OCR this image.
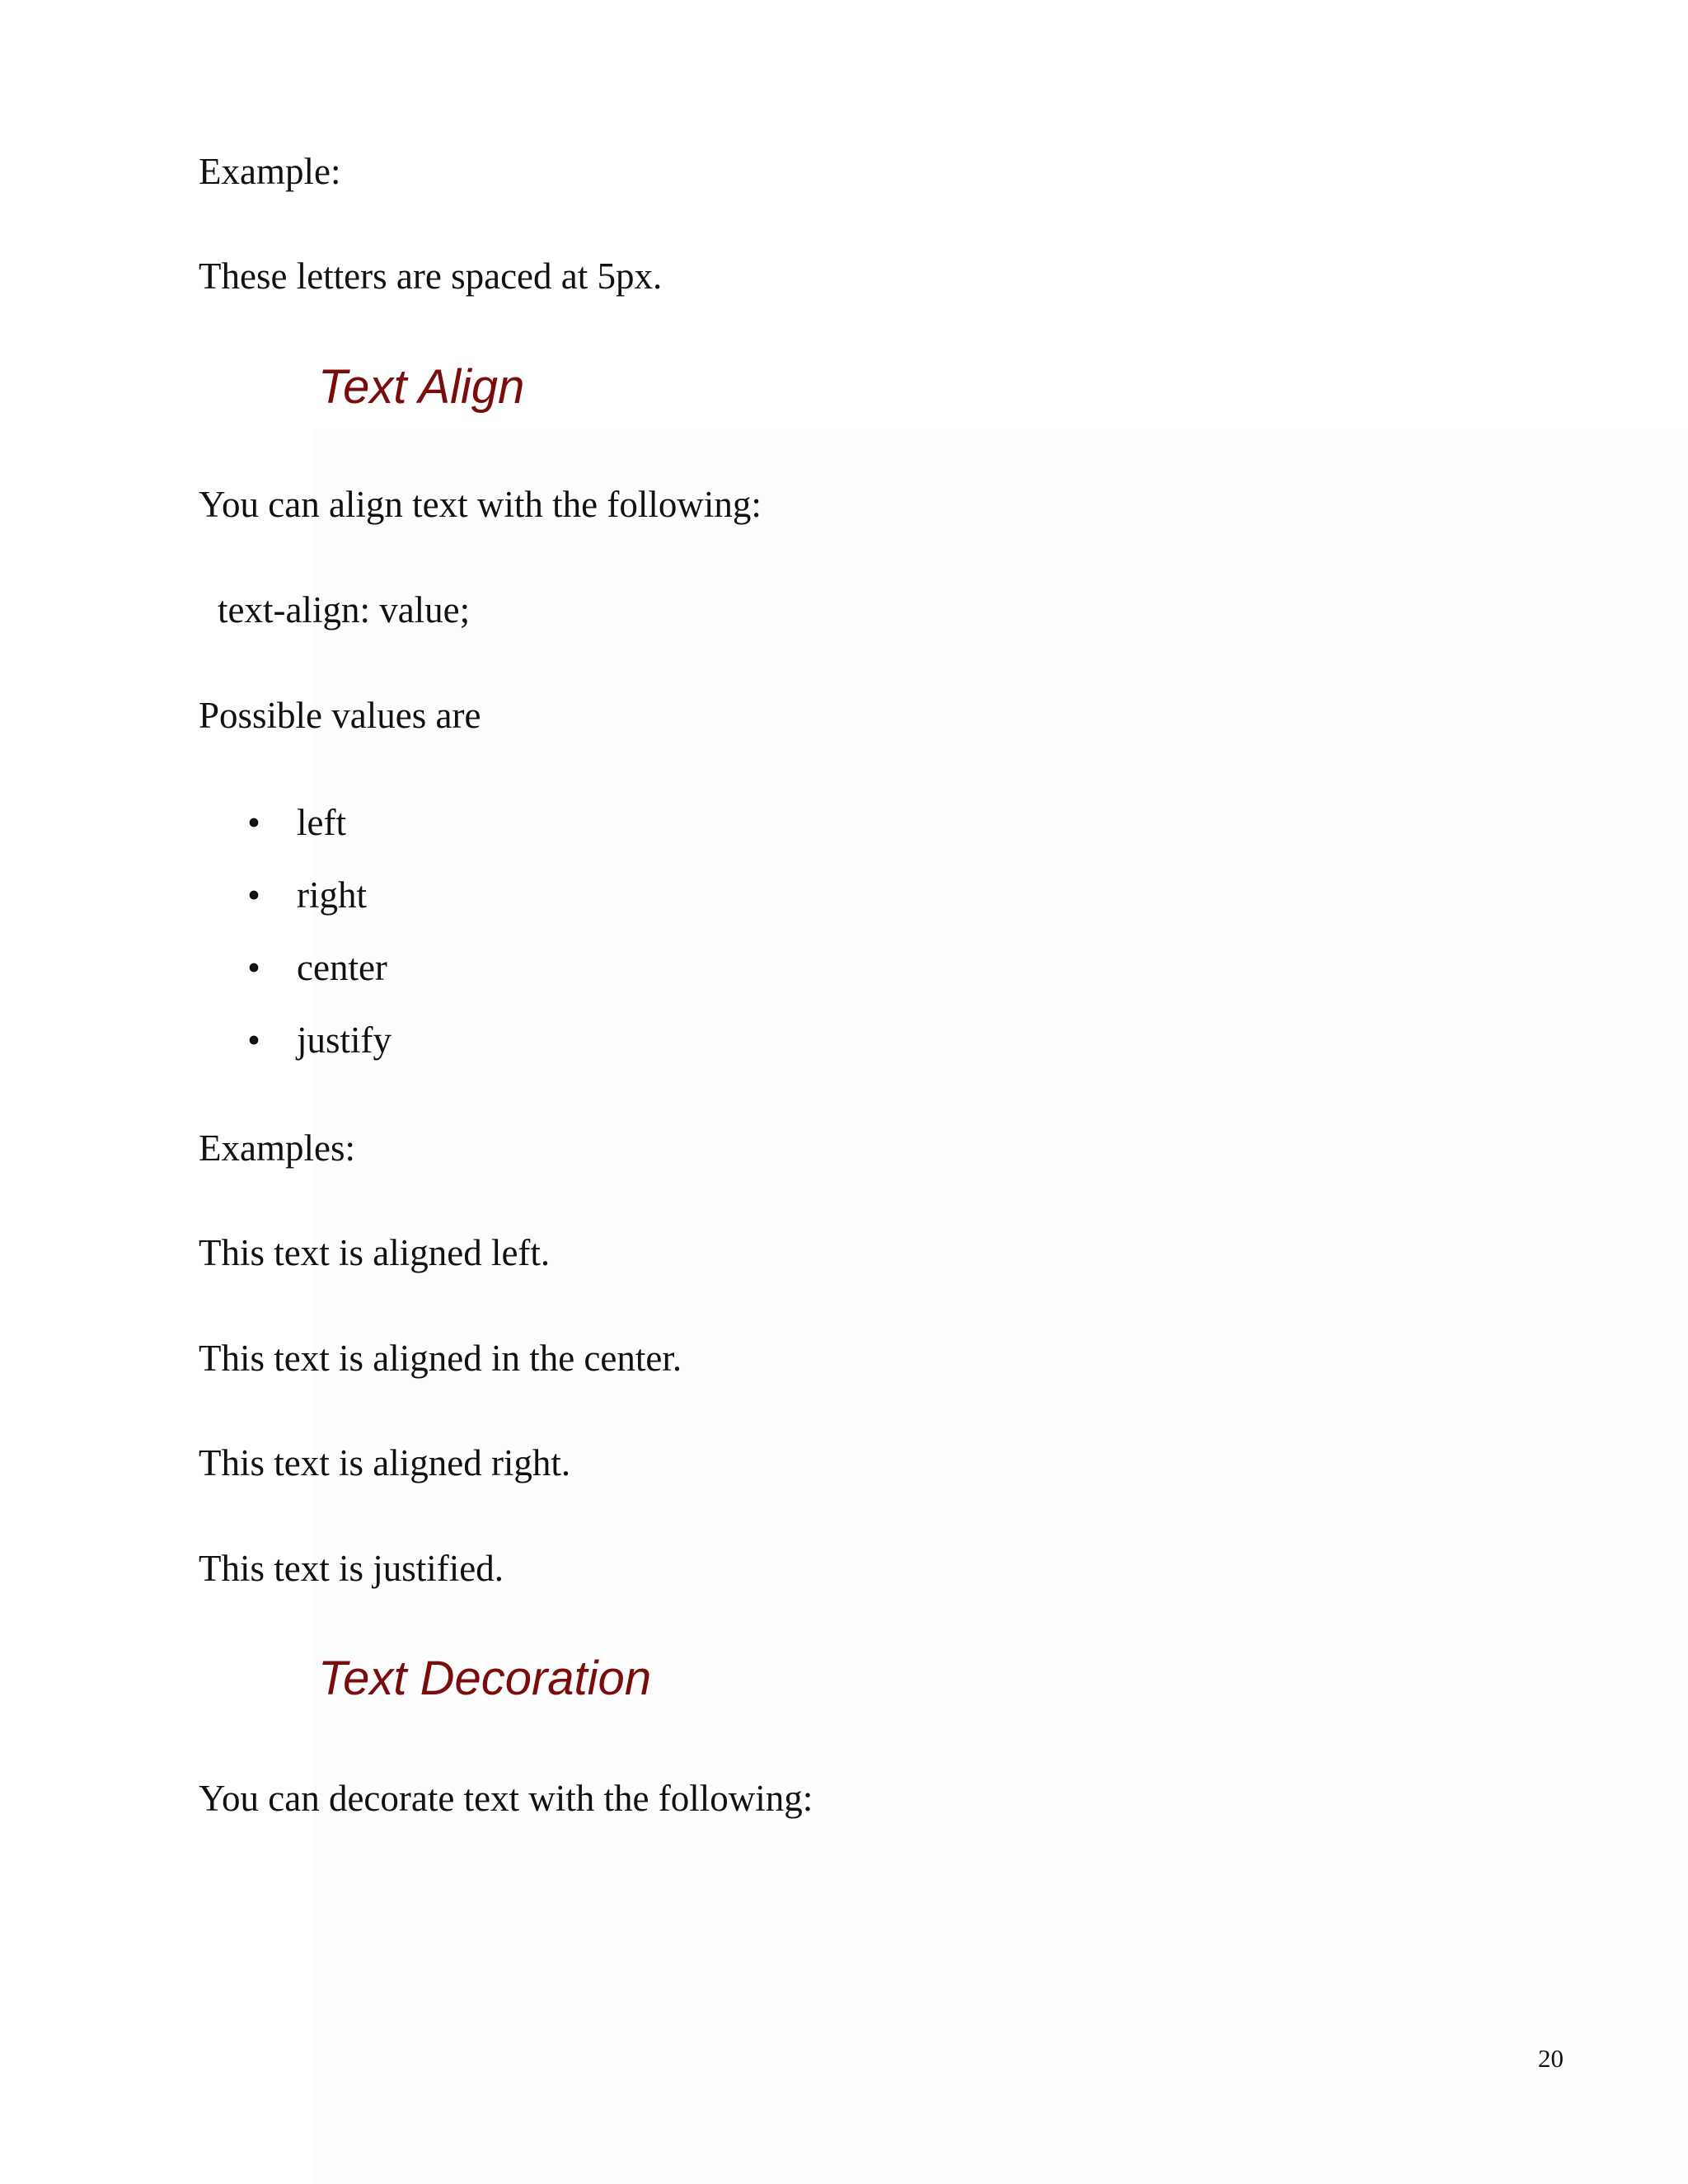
Example:
These letters are spaced at 5px.
Text Align
You can align text with the following:
text-align: value;
Possible values are
• left
• right
• center
• justify
Examples:
This text is aligned left.
This text is aligned in the center.
This text is aligned right.
This text is justified.
Text Decoration
You can decorate text with the following:
20
